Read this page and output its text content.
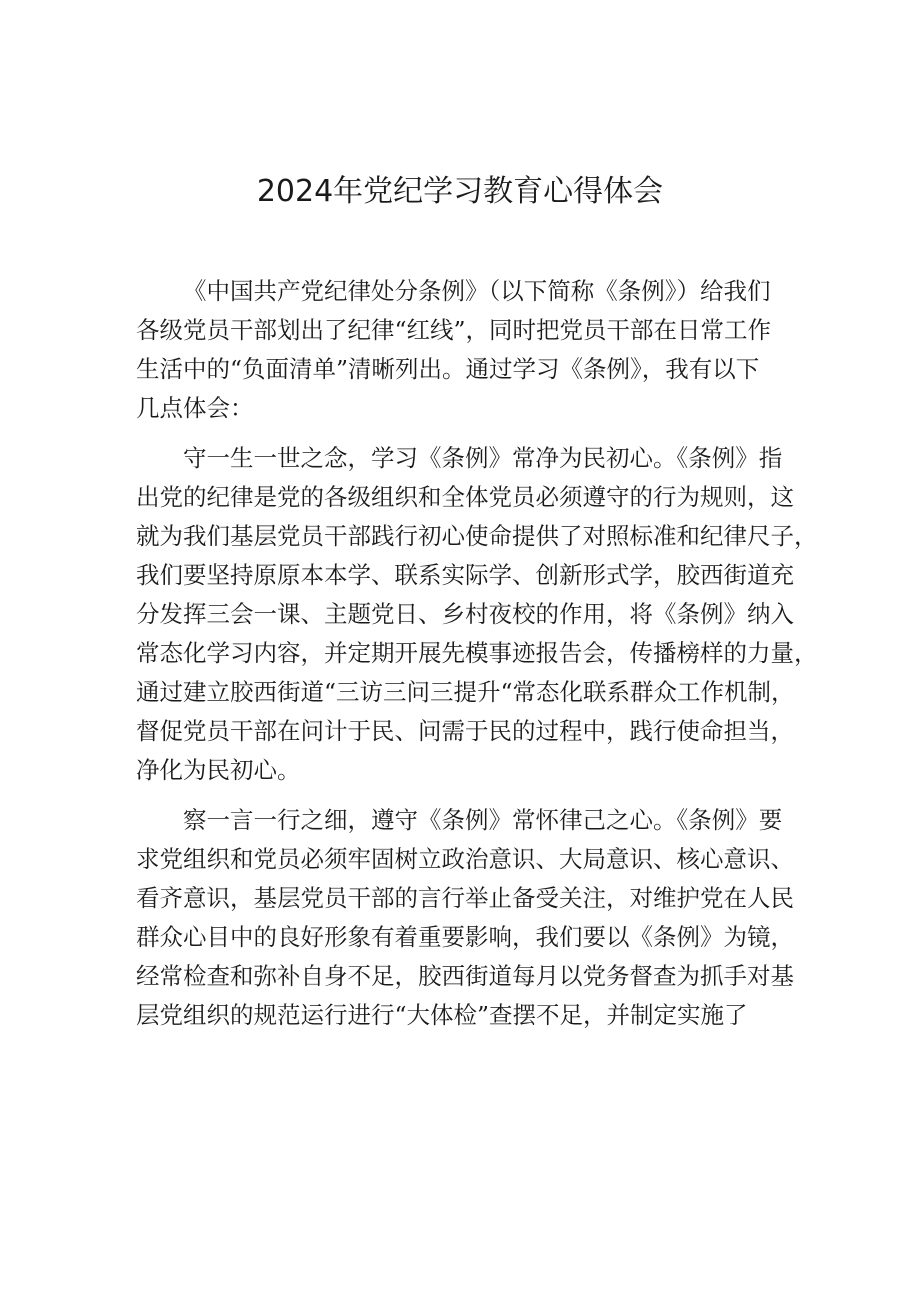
2024年党纪学习教育心得体会

《中国共产党纪律处分条例》（以下简称《条例》）给我们

各级党员干部划出了纪律“红线”，同时把党员干部在日常工作

生活中的“负面清单”清晰列出。通过学习《条例》，我有以下

几点体会：

守一生一世之念，学习《条例》常净为民初心。《条例》指

出党的纪律是党的各级组织和全体党员必须遵守的行为规则，这

就为我们基层党员干部践行初心使命提供了对照标准和纪律尺子，

我们要坚持原原本本学、联系实际学、创新形式学，胶西街道充

分发挥三会一课、主题党日、乡村夜校的作用，将《条例》纳入

常态化学习内容，并定期开展先模事迹报告会，传播榜样的力量，

通过建立胶西街道“三访三问三提升“常态化联系群众工作机制，

督促党员干部在问计于民、问需于民的过程中，践行使命担当，

净化为民初心。

察一言一行之细，遵守《条例》常怀律己之心。《条例》要

求党组织和党员必须牢固树立政治意识、大局意识、核心意识、

看齐意识，基层党员干部的言行举止备受关注，对维护党在人民

群众心目中的良好形象有着重要影响，我们要以《条例》为镜，

经常检查和弥补自身不足，胶西街道每月以党务督查为抓手对基

层党组织的规范运行进行“大体检”查摆不足，并制定实施了
